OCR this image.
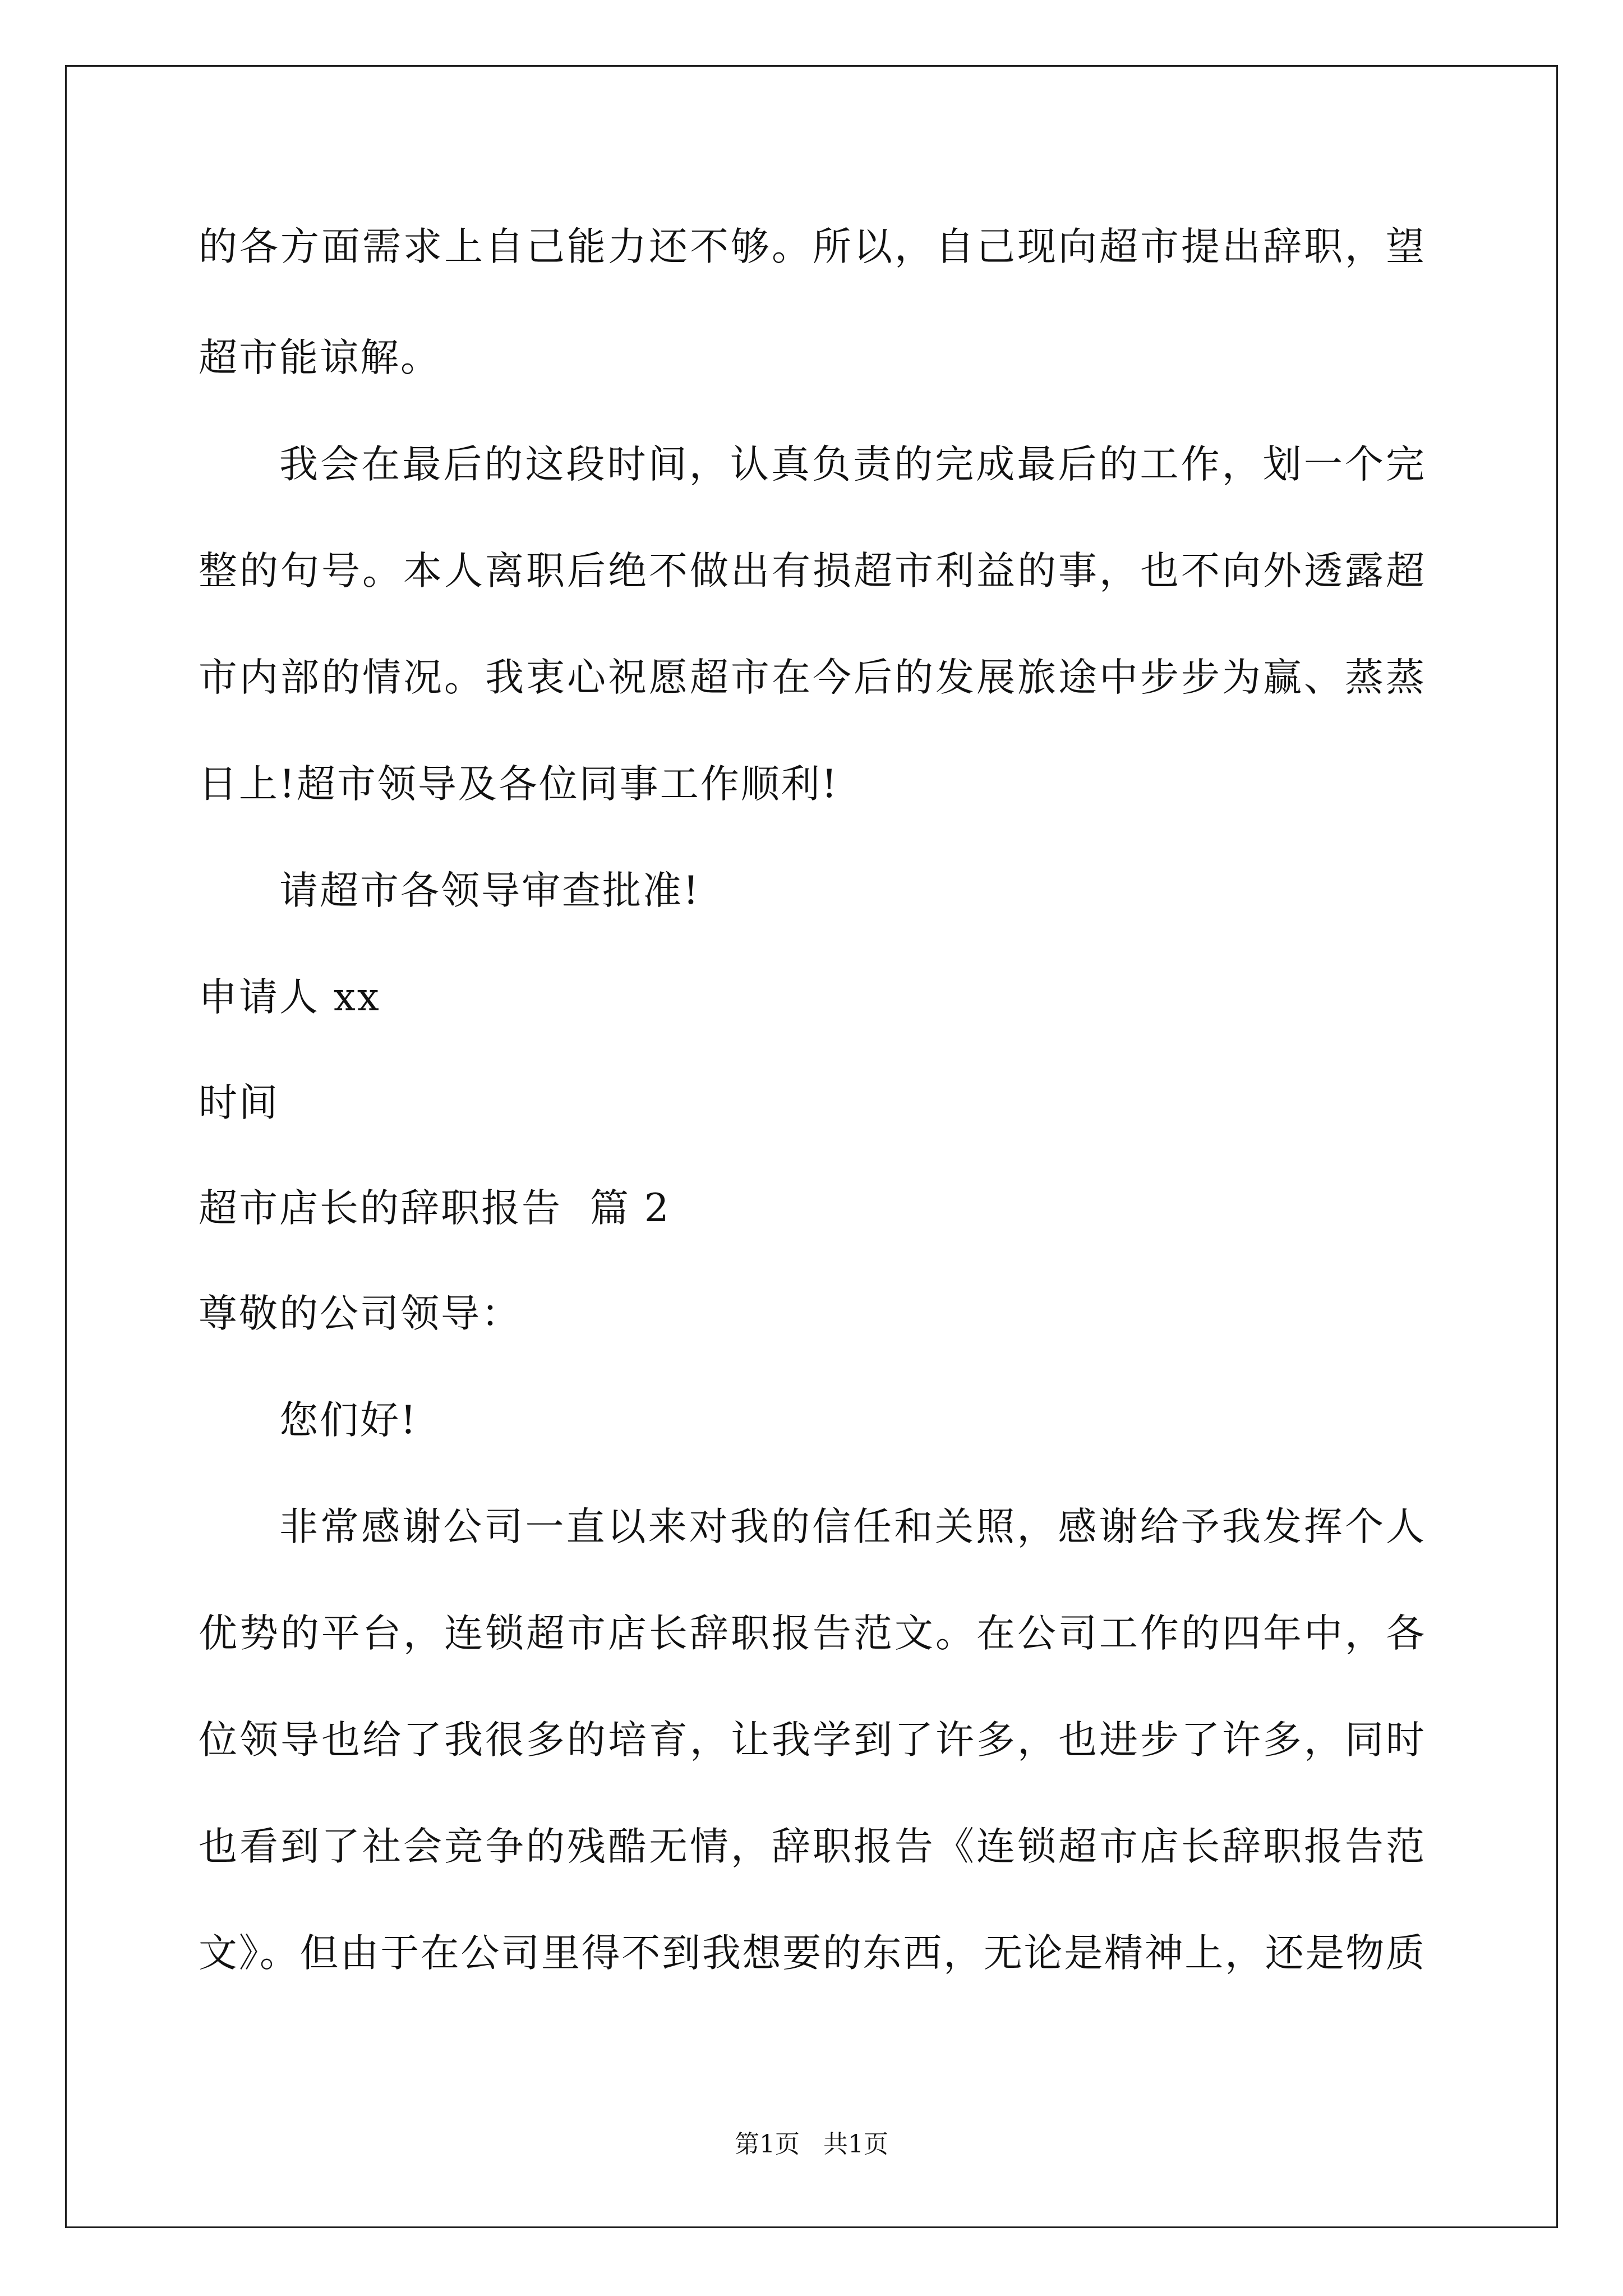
的各方面需求上自己能力还不够。所以，自己现向超市提出辞职，望
超市能谅解。
我会在最后的这段时间，认真负责的完成最后的工作，划一个完
整的句号。本人离职后绝不做出有损超市利益的事，也不向外透露超
市内部的情况。我衷心祝愿超市在今后的发展旅途中步步为赢、蒸蒸
日上!超市领导及各位同事工作顺利!
请超市各领导审查批准!
申请人 xx
时间
超市店长的辞职报告  篇 2
尊敬的公司领导：
您们好!
非常感谢公司一直以来对我的信任和关照，感谢给予我发挥个人
优势的平台，连锁超市店长辞职报告范文。在公司工作的四年中，各
位领导也给了我很多的培育，让我学到了许多，也进步了许多，同时
也看到了社会竞争的残酷无情，辞职报告《连锁超市店长辞职报告范
文》。但由于在公司里得不到我想要的东西，无论是精神上，还是物质
第1页   共1页
